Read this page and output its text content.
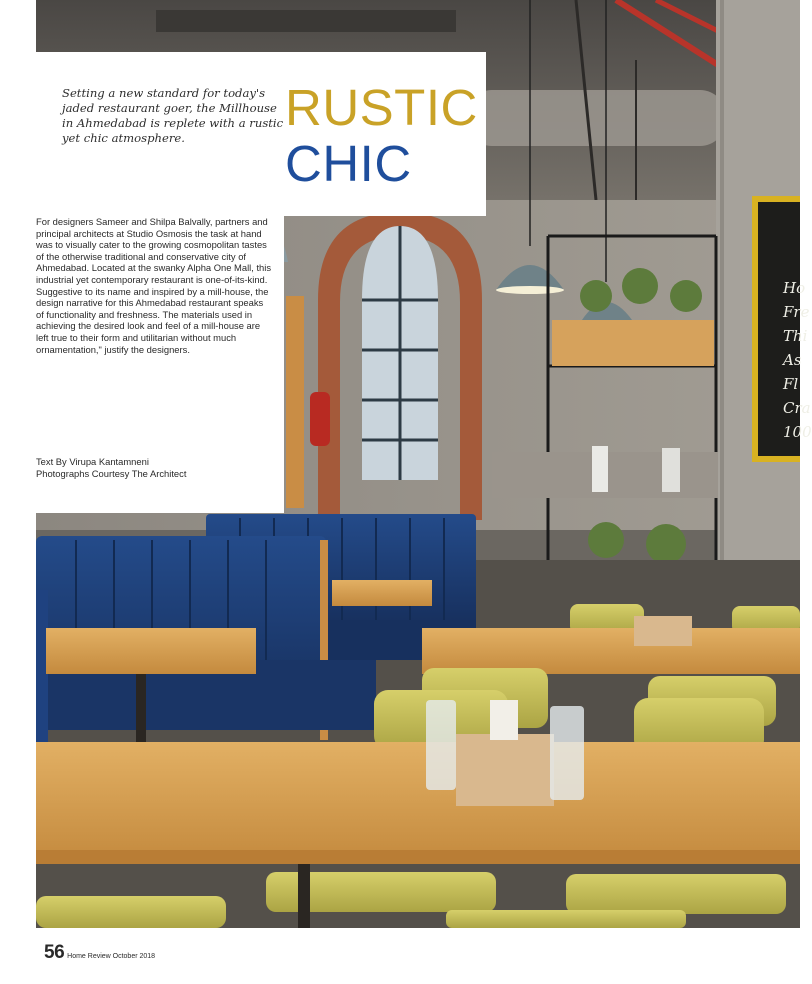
Ho
Fre
Thi
As
Fl
Cra
100

Setting a new standard for today's jaded restaurant goer, the Millhouse in Ahmedabad is replete with a rustic yet chic atmosphere.

RUSTIC
CHIC

For designers Sameer and Shilpa Balvally, partners and principal architects at Studio Osmosis the task at hand was to visually cater to the growing cosmopolitan tastes of the otherwise traditional and conservative city of Ahmedabad. Located at the swanky Alpha One Mall, this industrial yet contemporary restaurant is one-of-its-kind. Suggestive to its name and inspired by a mill-house, the design narrative for this Ahmedabad restaurant speaks of functionality and freshness. The materials used in achieving the desired look and feel of a mill-house are left true to their form and utilitarian without much ornamentation," justify the designers.

Text By Virupa Kantamneni
Photographs Courtesy The Architect
56 Home Review October 2018
